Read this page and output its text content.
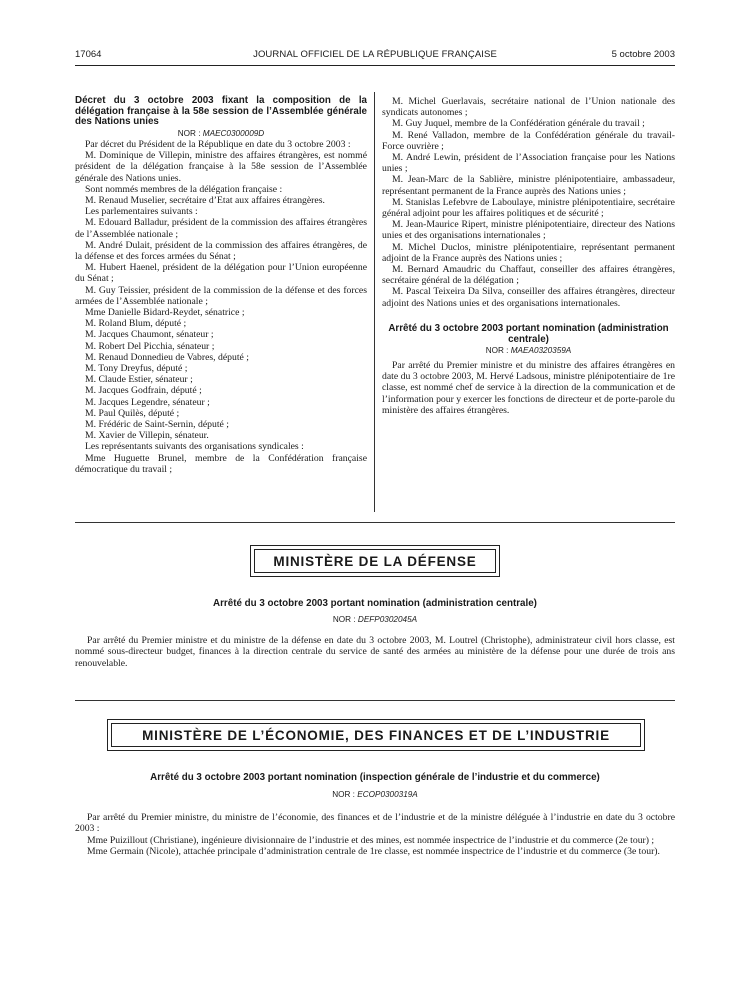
17064	JOURNAL OFFICIEL DE LA RÉPUBLIQUE FRANÇAISE	5 octobre 2003

Décret du 3 octobre 2003 fixant la composition de la délégation française à la 58e session de l’Assemblée générale des Nations unies

NOR : MAEC0300009D

Par décret du Président de la République en date du 3 octobre 2003 :

M. Dominique de Villepin, ministre des affaires étrangères, est nommé président de la délégation française à la 58e session de l’Assemblée générale des Nations unies.

Sont nommés membres de la délégation française :

M. Renaud Muselier, secrétaire d’Etat aux affaires étrangères.

Les parlementaires suivants :

M. Edouard Balladur, président de la commission des affaires étrangères de l’Assemblée nationale ;

M. André Dulait, président de la commission des affaires étrangères, de la défense et des forces armées du Sénat ;

M. Hubert Haenel, président de la délégation pour l’Union européenne du Sénat ;

M. Guy Teissier, président de la commission de la défense et des forces armées de l’Assemblée nationale ;

Mme Danielle Bidard-Reydet, sénatrice ;

M. Roland Blum, député ;

M. Jacques Chaumont, sénateur ;

M. Robert Del Picchia, sénateur ;

M. Renaud Donnedieu de Vabres, député ;

M. Tony Dreyfus, député ;

M. Claude Estier, sénateur ;

M. Jacques Godfrain, député ;

M. Jacques Legendre, sénateur ;

M. Paul Quilès, député ;

M. Frédéric de Saint-Sernin, député ;

M. Xavier de Villepin, sénateur.

Les représentants suivants des organisations syndicales :

Mme Huguette Brunel, membre de la Confédération française démocratique du travail ;

M. Michel Guerlavais, secrétaire national de l’Union nationale des syndicats autonomes ;

M. Guy Juquel, membre de la Confédération générale du travail ;

M. René Valladon, membre de la Confédération générale du travail-Force ouvrière ;

M. André Lewin, président de l’Association française pour les Nations unies ;

M. Jean-Marc de la Sablière, ministre plénipotentiaire, ambassadeur, représentant permanent de la France auprès des Nations unies ;

M. Stanislas Lefebvre de Laboulaye, ministre plénipotentiaire, secrétaire général adjoint pour les affaires politiques et de sécurité ;

M. Jean-Maurice Ripert, ministre plénipotentiaire, directeur des Nations unies et des organisations internationales ;

M. Michel Duclos, ministre plénipotentiaire, représentant permanent adjoint de la France auprès des Nations unies ;

M. Bernard Amaudric du Chaffaut, conseiller des affaires étrangères, secrétaire général de la délégation ;

M. Pascal Teixeira Da Silva, conseiller des affaires étrangères, directeur adjoint des Nations unies et des organisations internationales.

Arrêté du 3 octobre 2003 portant nomination (administration centrale)

NOR : MAEA0320359A

Par arrêté du Premier ministre et du ministre des affaires étrangères en date du 3 octobre 2003, M. Hervé Ladsous, ministre plénipotentiaire de 1re classe, est nommé chef de service à la direction de la communication et de l’information pour y exercer les fonctions de directeur et de porte-parole du ministère des affaires étrangères.

MINISTÈRE DE LA DÉFENSE

Arrêté du 3 octobre 2003 portant nomination (administration centrale)

NOR : DEFP0302045A

Par arrêté du Premier ministre et du ministre de la défense en date du 3 octobre 2003, M. Loutrel (Christophe), administrateur civil hors classe, est nommé sous-directeur budget, finances à la direction centrale du service de santé des armées au ministère de la défense pour une durée de trois ans renouvelable.

MINISTÈRE DE L’ÉCONOMIE, DES FINANCES ET DE L’INDUSTRIE

Arrêté du 3 octobre 2003 portant nomination (inspection générale de l’industrie et du commerce)

NOR : ECOP0300319A

Par arrêté du Premier ministre, du ministre de l’économie, des finances et de l’industrie et de la ministre déléguée à l’industrie en date du 3 octobre 2003 :

Mme Puizillout (Christiane), ingénieure divisionnaire de l’industrie et des mines, est nommée inspectrice de l’industrie et du commerce (2e tour) ;

Mme Germain (Nicole), attachée principale d’administration centrale de 1re classe, est nommée inspectrice de l’industrie et du commerce (3e tour).
